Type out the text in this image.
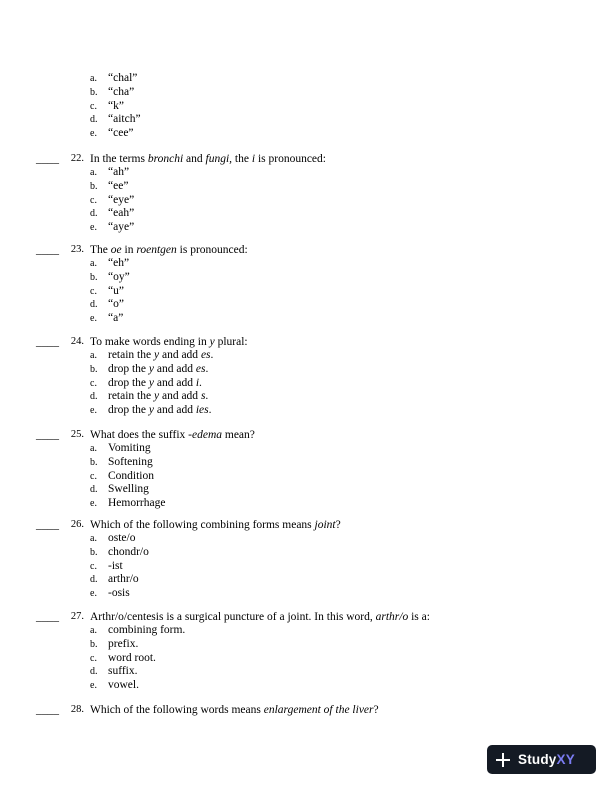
a. “chal”
b. “cha”
c. “k”
d. “aitch”
e. “cee”
____	22. In the terms bronchi and fungi, the i is pronounced:
a. “ah”
b. “ee”
c. “eye”
d. “eah”
e. “aye”
____	23. The oe in roentgen is pronounced:
a. “eh”
b. “oy”
c. “u”
d. “o”
e. “a”
____	24. To make words ending in y plural:
a. retain the y and add es.
b. drop the y and add es.
c. drop the y and add i.
d. retain the y and add s.
e. drop the y and add ies.
____	25. What does the suffix -edema mean?
a. Vomiting
b. Softening
c. Condition
d. Swelling
e. Hemorrhage
____	26. Which of the following combining forms means joint?
a. oste/o
b. chondr/o
c. -ist
d. arthr/o
e. -osis
____	27. Arthr/o/centesis is a surgical puncture of a joint. In this word, arthr/o is a:
a. combining form.
b. prefix.
c. word root.
d. suffix.
e. vowel.
____	28. Which of the following words means enlargement of the liver?
StudyXY
